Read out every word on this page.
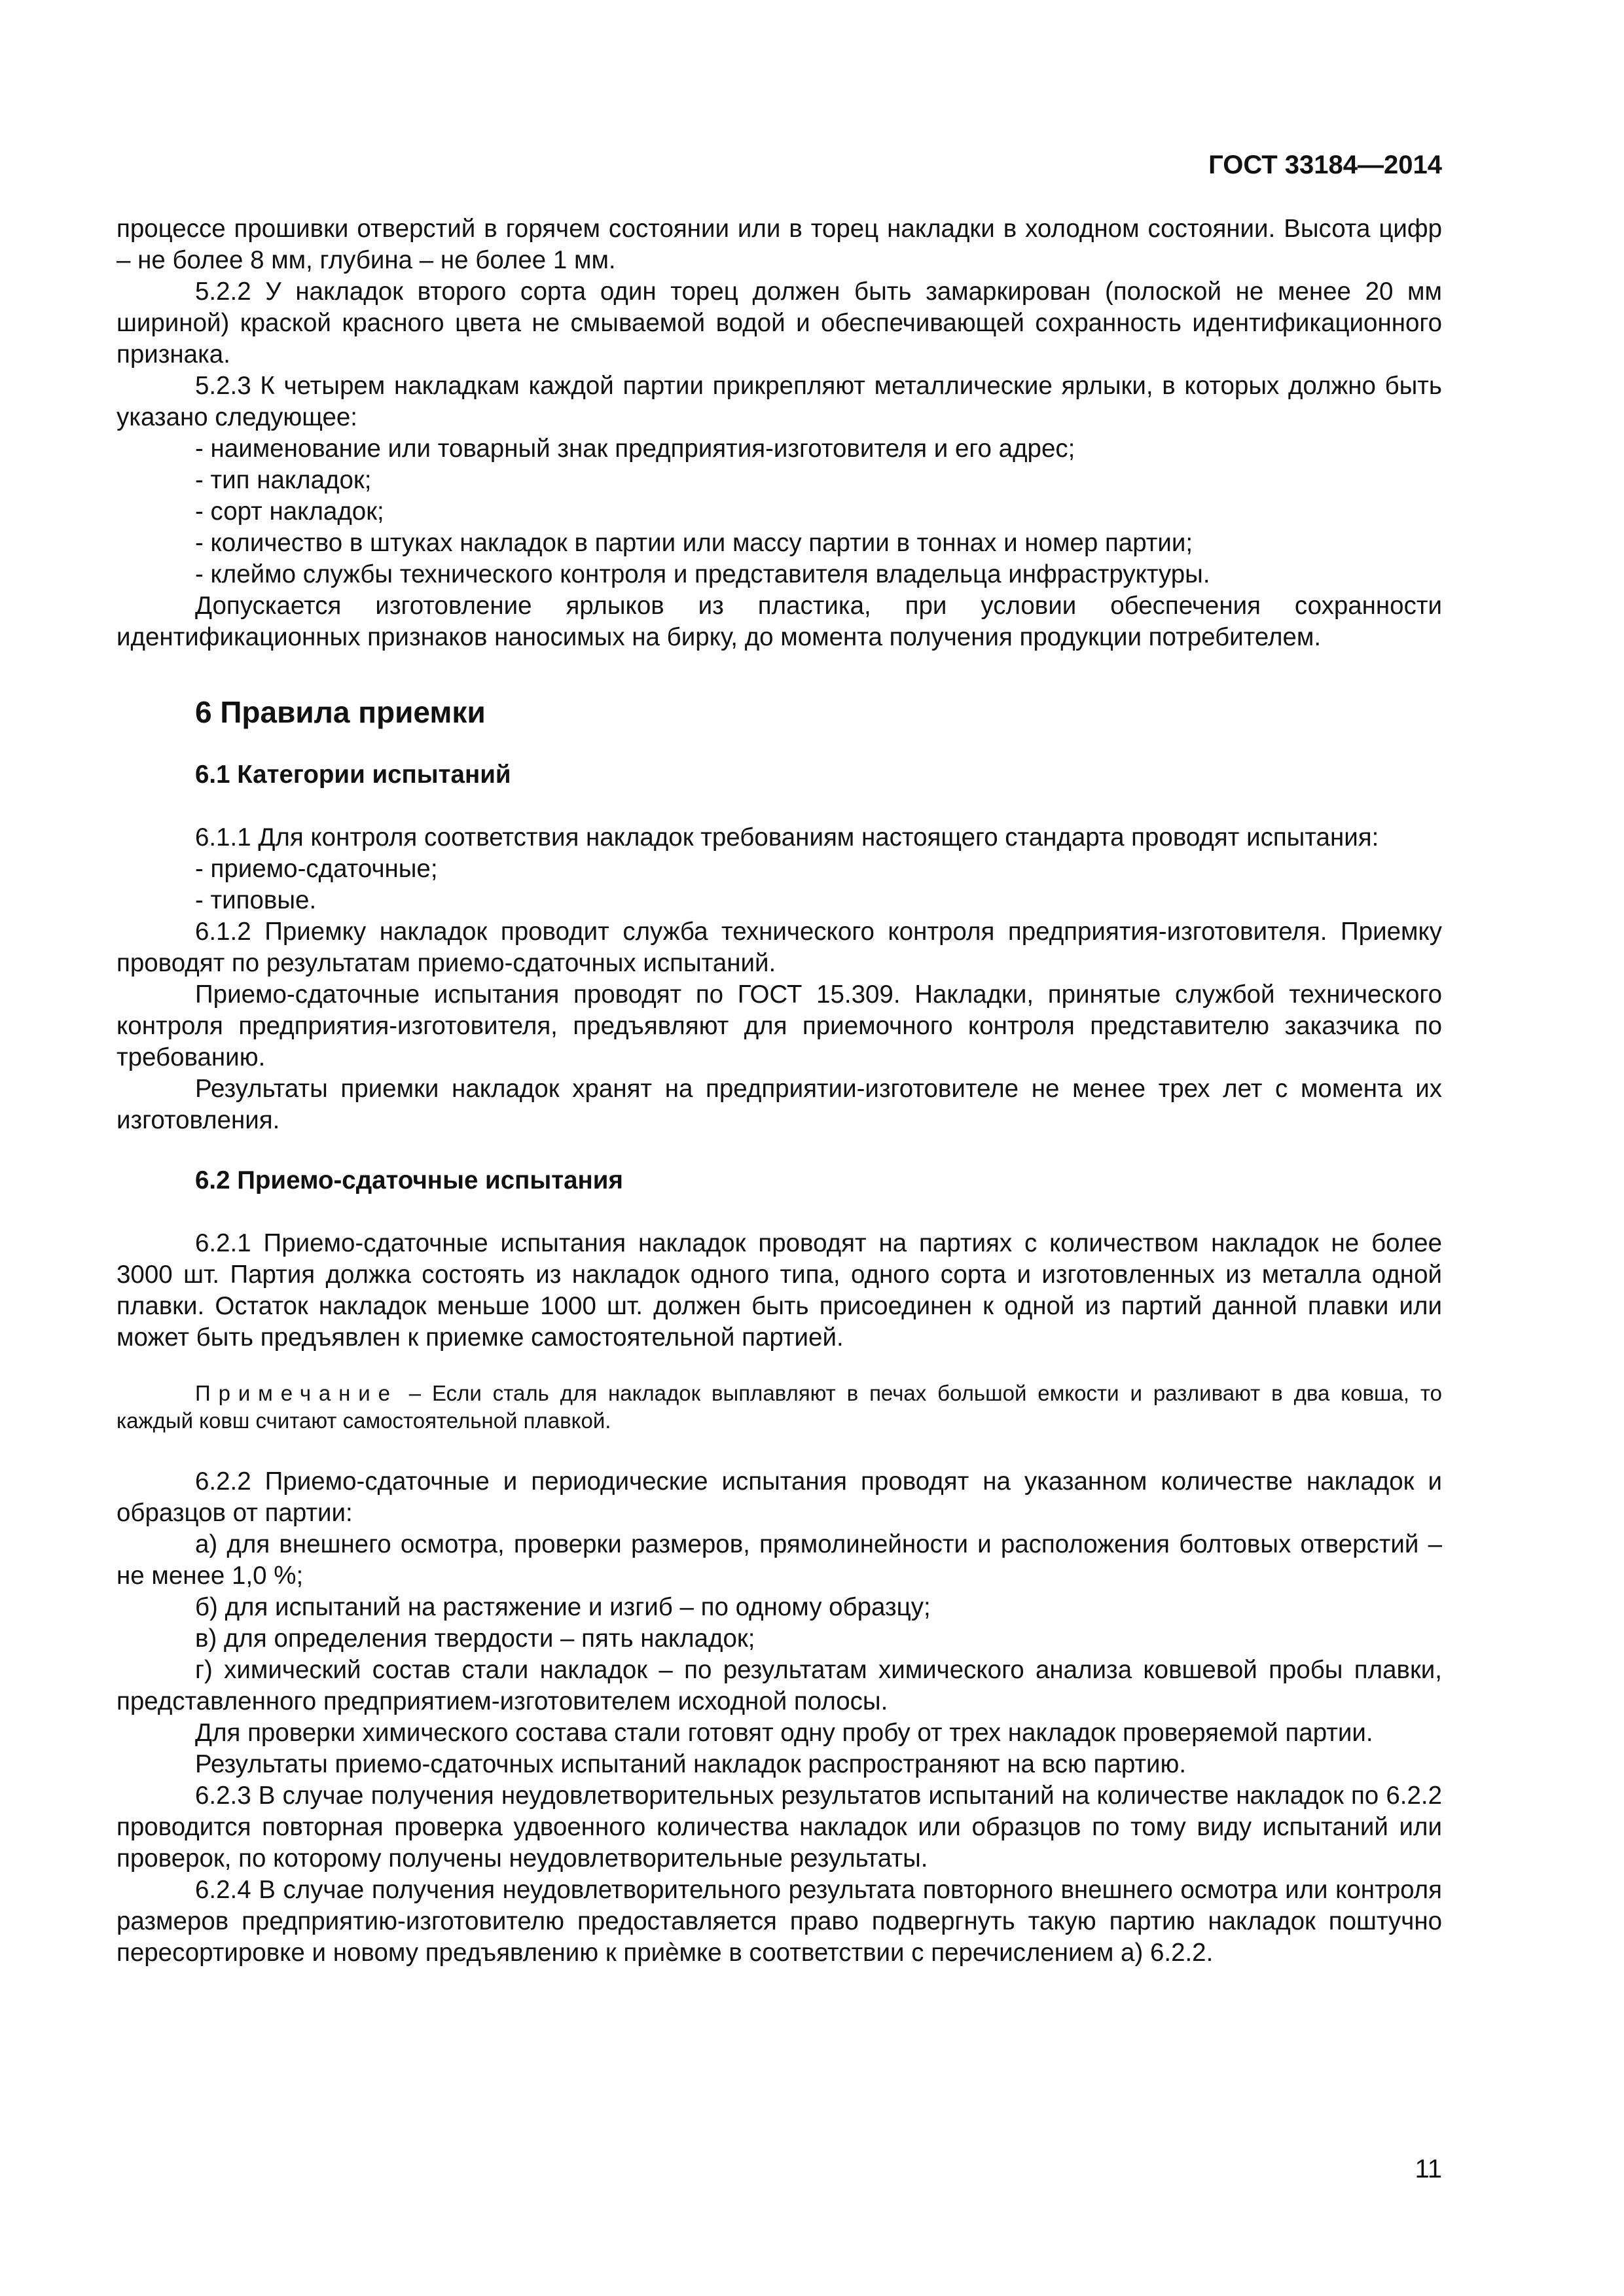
ГОСТ 33184—2014

процессе прошивки отверстий в горячем состоянии или в торец накладки в холодном состоянии. Высота цифр – не более 8 мм, глубина – не более 1 мм.

5.2.2 У накладок второго сорта один торец должен быть замаркирован (полоской не менее 20 мм шириной) краской красного цвета не смываемой водой и обеспечивающей сохранность идентификационного признака.

5.2.3 К четырем накладкам каждой партии прикрепляют металлические ярлыки, в которых должно быть указано следующее:

- наименование или товарный знак предприятия-изготовителя и его адрес;

- тип накладок;

- сорт накладок;

- количество в штуках накладок в партии или массу партии в тоннах и номер партии;

- клеймо службы технического контроля и представителя владельца инфраструктуры.

Допускается изготовление ярлыков из пластика, при условии обеспечения сохранности идентификационных признаков наносимых на бирку, до момента получения продукции потребителем.

6 Правила приемки

6.1 Категории испытаний

6.1.1 Для контроля соответствия накладок требованиям настоящего стандарта проводят испытания:

- приемо-сдаточные;

- типовые.

6.1.2 Приемку накладок проводит служба технического контроля предприятия-изготовителя. Приемку проводят по результатам приемо-сдаточных испытаний.

Приемо-сдаточные испытания проводят по ГОСТ 15.309. Накладки, принятые службой технического контроля предприятия-изготовителя, предъявляют для приемочного контроля представителю заказчика по требованию.

Результаты приемки накладок хранят на предприятии-изготовителе не менее трех лет с момента их изготовления.

6.2 Приемо-сдаточные испытания

6.2.1 Приемо-сдаточные испытания накладок проводят на партиях с количеством накладок не более 3000 шт. Партия должка состоять из накладок одного типа, одного сорта и изготовленных из металла одной плавки. Остаток накладок меньше 1000 шт. должен быть присоединен к одной из партий данной плавки или может быть предъявлен к приемке самостоятельной партией.

Примечание – Если сталь для накладок выплавляют в печах большой емкости и разливают в два ковша, то каждый ковш считают самостоятельной плавкой.

6.2.2 Приемо-сдаточные и периодические испытания проводят на указанном количестве накладок и образцов от партии:

а) для внешнего осмотра, проверки размеров, прямолинейности и расположения болтовых отверстий – не менее 1,0 %;

б) для испытаний на растяжение и изгиб – по одному образцу;

в) для определения твердости – пять накладок;

г) химический состав стали накладок – по результатам химического анализа ковшевой пробы плавки, представленного предприятием-изготовителем исходной полосы.

Для проверки химического состава стали готовят одну пробу от трех накладок проверяемой партии.

Результаты приемо-сдаточных испытаний накладок распространяют на всю партию.

6.2.3 В случае получения неудовлетворительных результатов испытаний на количестве накладок по 6.2.2 проводится повторная проверка удвоенного количества накладок или образцов по тому виду испытаний или проверок, по которому получены неудовлетворительные результаты.

6.2.4 В случае получения неудовлетворительного результата повторного внешнего осмотра или контроля размеров предприятию-изготовителю предоставляется право подвергнуть такую партию накладок поштучно пересортировке и новому предъявлению к приѐмке в соответствии с перечислением а) 6.2.2.

11
